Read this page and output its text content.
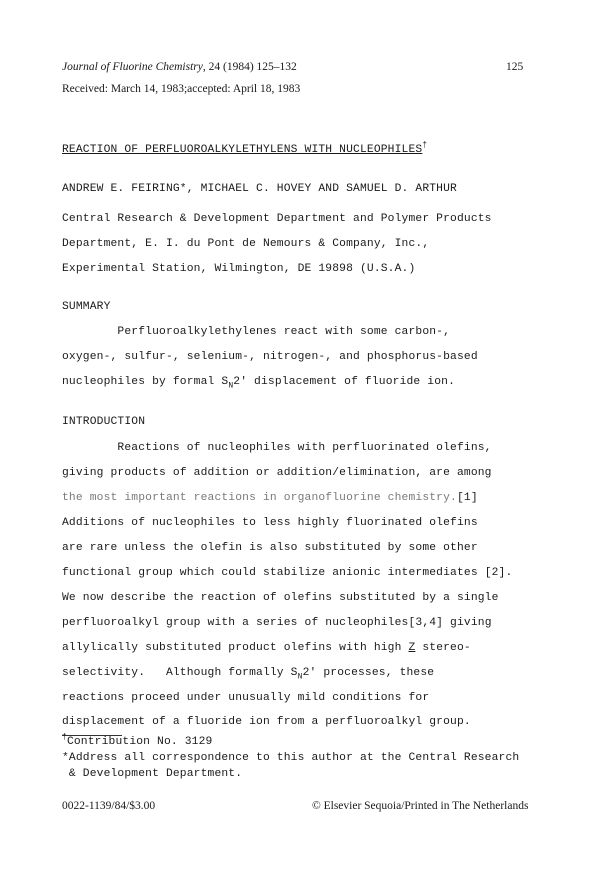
Journal of Fluorine Chemistry, 24 (1984) 125–132	125
Received: March 14, 1983;accepted: April 18, 1983
REACTION OF PERFLUOROALKYLETHYLENS WITH NUCLEOPHILES†
ANDREW E. FEIRING*, MICHAEL C. HOVEY AND SAMUEL D. ARTHUR
Central Research & Development Department and Polymer Products
Department, E. I. du Pont de Nemours & Company, Inc.,
Experimental Station, Wilmington, DE 19898 (U.S.A.)
SUMMARY
Perfluoroalkylethylenes react with some carbon-,
oxygen-, sulfur-, selenium-, nitrogen-, and phosphorus-based
nucleophiles by formal $S_N2'$ displacement of fluoride ion.
INTRODUCTION
Reactions of nucleophiles with perfluorinated olefins,
giving products of addition or addition/elimination, are among
the most important reactions in organofluorine chemistry.[1]
Additions of nucleophiles to less highly fluorinated olefins
are rare unless the olefin is also substituted by some other
functional group which could stabilize anionic intermediates [2].
We now describe the reaction of olefins substituted by a single
perfluoroalkyl group with a series of nucleophiles[3,4] giving
allylically substituted product olefins with high Z stereo-
selectivity.   Although formally $S_N2'$ processes, these
reactions proceed under unusually mild conditions for
displacement of a fluoride ion from a perfluoroalkyl group.
†Contribution No. 3129
*Address all correspondence to this author at the Central Research
& Development Department.
0022-1139/84/$3.00	© Elsevier Sequoia/Printed in The Netherlands
